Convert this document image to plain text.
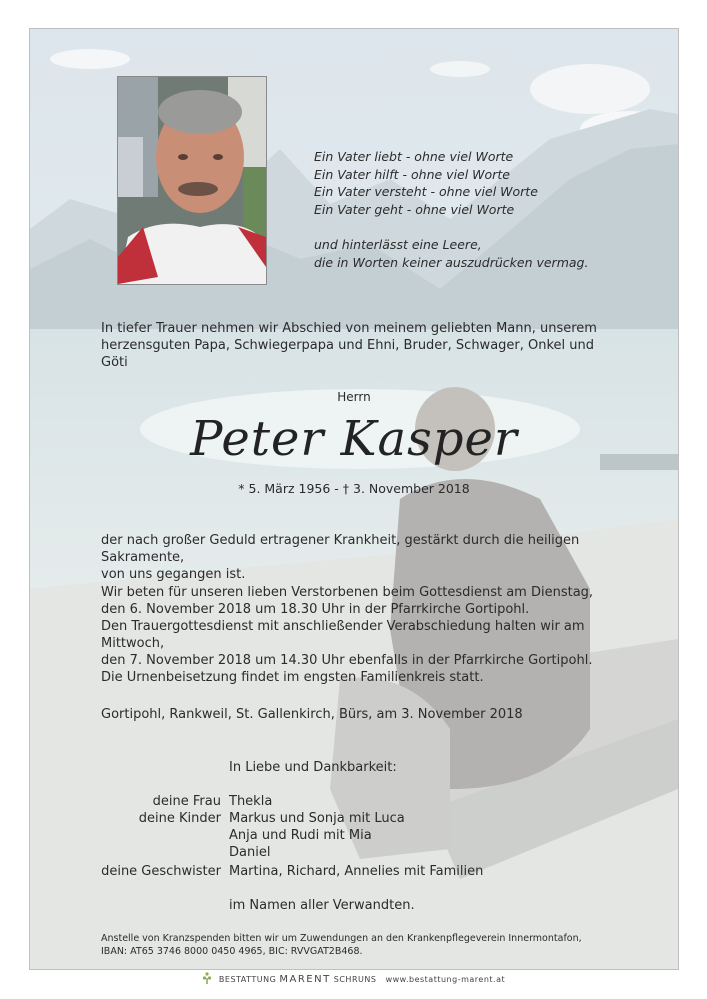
Ein Vater liebt - ohne viel Worte
Ein Vater hilft - ohne viel Worte
Ein Vater versteht - ohne viel Worte
Ein Vater geht - ohne viel Worte
und hinterlässt eine Leere,
die in Worten keiner auszudrücken vermag.
In tiefer Trauer nehmen wir Abschied von meinem geliebten Mann, unserem
herzensguten Papa, Schwiegerpapa und Ehni, Bruder, Schwager, Onkel und Göti
Herrn
Peter Kasper
* 5. März 1956 - † 3. November 2018
der nach großer Geduld ertragener Krankheit, gestärkt durch die heiligen Sakramente,
von uns gegangen ist.
Wir beten für unseren lieben Verstorbenen beim Gottesdienst am Dienstag,
den 6. November 2018 um 18.30 Uhr in der Pfarrkirche Gortipohl.
Den Trauergottesdienst mit anschließender Verabschiedung halten wir am Mittwoch,
den 7. November 2018 um 14.30 Uhr ebenfalls in der Pfarrkirche Gortipohl.
Die Urnenbeisetzung findet im engsten Familienkreis statt.
Gortipohl, Rankweil, St. Gallenkirch, Bürs, am 3. November 2018
In Liebe und Dankbarkeit:
deine Frau Thekla
deine Kinder Markus und Sonja mit Luca
Anja und Rudi mit Mia
Daniel
deine Geschwister Martina, Richard, Annelies mit Familien
im Namen aller Verwandten.
Anstelle von Kranzspenden bitten wir um Zuwendungen an den Krankenpflegeverein Innermontafon,
IBAN: AT65 3746 8000 0450 4965, BIC: RVVGAT2B468.
BESTATTUNG MARENT SCHRUNS www.bestattung-marent.at
